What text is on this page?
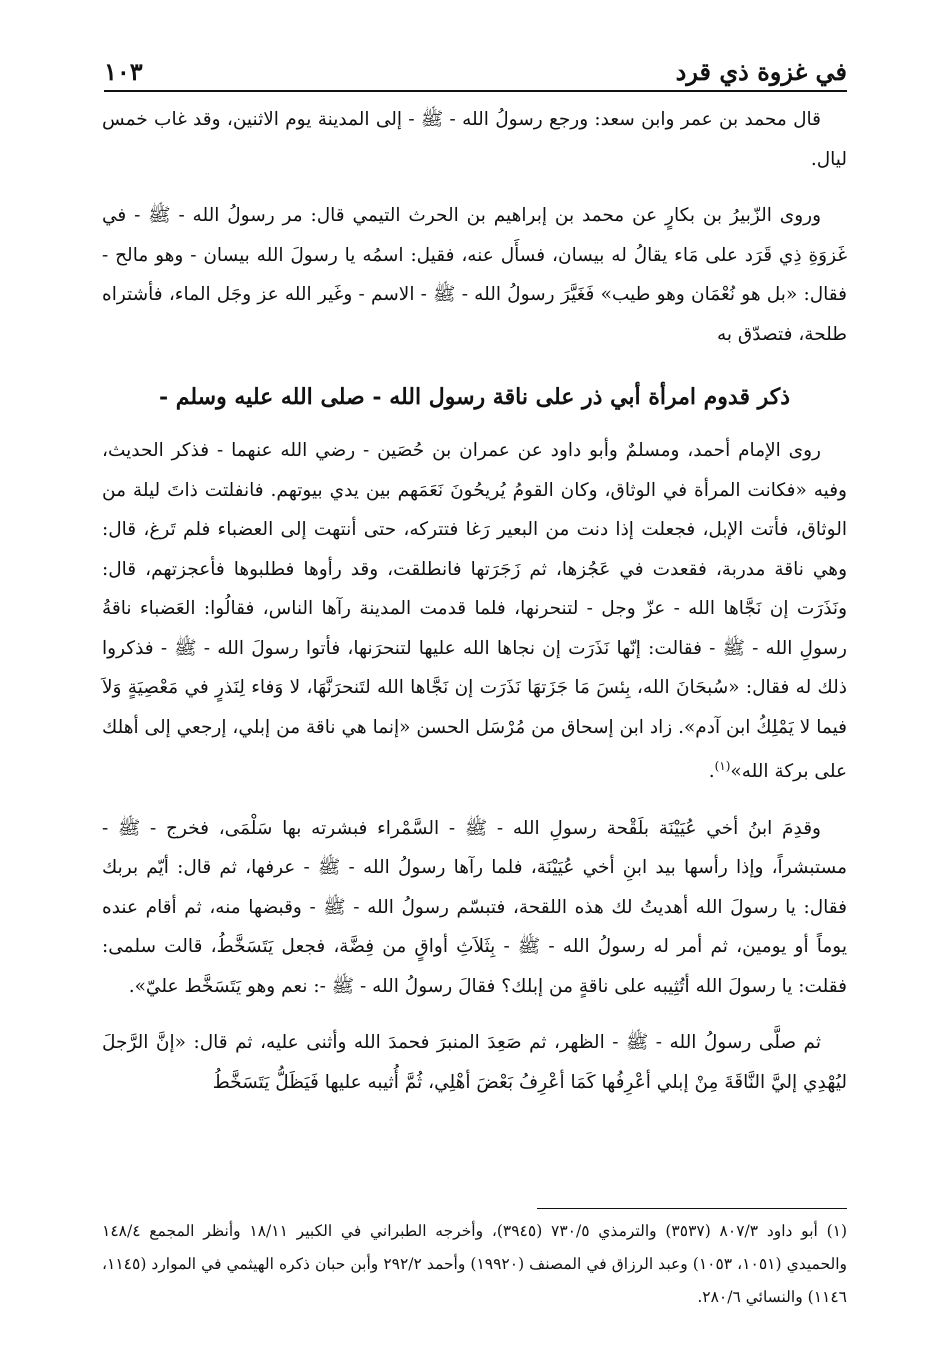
في غزوة ذي قرد
١٠٣

قال محمد بن عمر وابن سعد: ورجع رسولُ الله - ﷺ - إلى المدينة يوم الاثنين، وقد غاب خمس ليال.

وروى الزّبيرُ بن بكارٍ عن محمد بن إبراهيم بن الحرث التيمي قال: مر رسولُ الله - ﷺ - في غَزوَةِ ذِي قَرَد على مَاء يقالُ له بيسان، فسأَل عنه، فقيل: اسمُه يا رسولَ الله بيسان - وهو مالح - فقال: «بل هو نُعْمَان وهو طيب» فَغَيَّرَ رسولُ الله - ﷺ - الاسم - وغَير الله عز وجَل الماء، فأشتراه طلحة، فتصدّق به

ذكر قدوم امرأة أبي ذر على ناقة رسول الله - صلى الله عليه وسلم -

روى الإمام أحمد، ومسلمٌ وأبو داود عن عمران بن حُصَين - رضي الله عنهما - فذكر الحديث، وفيه «فكانت المرأة في الوثاق، وكان القومُ يُريحُونَ نَعَمَهم بين يدي بيوتهم. فانفلتت ذاتَ ليلة من الوثاق، فأتت الإبل، فجعلت إذا دنت من البعير رَغا فتتركه، حتى أنتهت إلى العضباء فلم تَرغ، قال: وهي ناقة مدربة، فقعدت في عَجُزها، ثم زَجَرَتها فانطلقت، وقد رأوها فطلبوها فأعجزتهم، قال: ونَذَرَت إن نَجَّاها الله - عزّ وجل - لتنحرنها، فلما قدمت المدينة رآها الناس، فقالُوا: العَضباء ناقةُ رسولِ الله - ﷺ - فقالت: إنّها نَذَرَت إن نجاها الله عليها لتنحرَنها، فأتوا رسولَ الله - ﷺ - فذكروا ذلك له فقال: «سُبحَانَ الله، بِئسَ مَا جَزَتهَا نَذَرَت إن نَجَّاها الله لتَنحرَنَّهَا، لا وَفاء لِنَذرٍ في مَعْصِيَةٍ وَلاَ فيما لا يَمْلِكُ ابن آدم». زاد ابن إسحاق من مُرْسَل الحسن «إنما هي ناقة من إبلي، إرجعي إلى أهلك على بركة الله»$^{(١)}$.

وقدِمَ ابنُ أخي عُيَيْنَة بلَقْحة رسولِ الله - ﷺ - السَّمْراء فبشرته بها سَلْمَى، فخرج - ﷺ - مستبشراً، وإذا رأسها بيد ابنِ أخي عُيَيْنَة، فلما رآها رسولُ الله - ﷺ - عرفها، ثم قال: أيّم بربك فقال: يا رسولَ الله أهديتُ لك هذه اللقحة، فتبسّم رسولُ الله - ﷺ - وقبضها منه، ثم أقام عنده يوماً أو يومين، ثم أمر له رسولُ الله - ﷺ - بِثَلاَثِ أواقٍ من فِضَّة، فجعل يَتَسَخَّطُ، قالت سلمى: فقلت: يا رسولَ الله أتُثِيبه على ناقةٍ من إبلك؟ فقالَ رسولُ الله - ﷺ -: نعم وهو يَتَسَخَّط عليّ».

ثم صلَّى رسولُ الله - ﷺ - الظهر، ثم صَعِدَ المنبرَ فحمدَ الله وأثنى عليه، ثم قال: «إنَّ الرَّجلَ ليُهْدِي إليَّ النَّاقَةَ مِنْ إبلي أعْرِفُها كَمَا أعْرِفُ بَعْضَ أهْلِي، ثُمَّ أُثيبه عليها فَيَظَلُّ يَتَسَخَّطُ

(١) أبو داود ٨٠٧/٣ (٣٥٣٧) والترمذي ٧٣٠/٥ (٣٩٤٥)، وأخرجه الطبراني في الكبير ١٨/١١ وأنظر المجمع ١٤٨/٤ والحميدي (١٠٥١، ١٠٥٣) وعبد الرزاق في المصنف (١٩٩٢٠) وأحمد ٢٩٢/٢ وأبن حبان ذكره الهيثمي في الموارد (١١٤٥، ١١٤٦) والنسائي ٢٨٠/٦.
